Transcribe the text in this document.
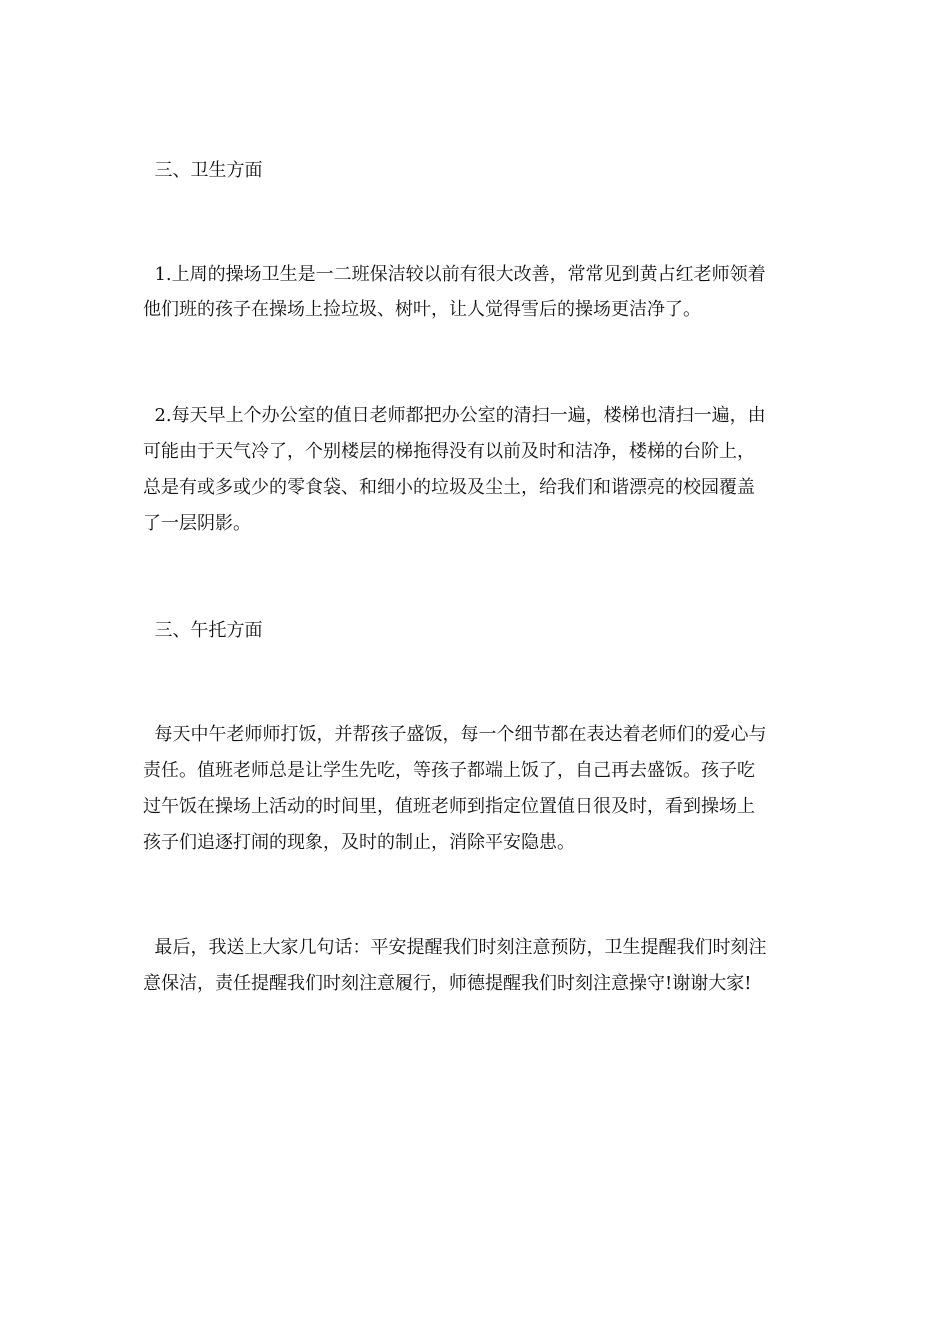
三、卫生方面
1.上周的操场卫生是一二班保洁较以前有很大改善，常常见到黄占红老师领着
他们班的孩子在操场上捡垃圾、树叶，让人觉得雪后的操场更洁净了。
2.每天早上个办公室的值日老师都把办公室的清扫一遍，楼梯也清扫一遍，由
可能由于天气冷了，个别楼层的梯拖得没有以前及时和洁净，楼梯的台阶上，
总是有或多或少的零食袋、和细小的垃圾及尘土，给我们和谐漂亮的校园覆盖
了一层阴影。
三、午托方面
每天中午老师师打饭，并帮孩子盛饭，每一个细节都在表达着老师们的爱心与
责任。值班老师总是让学生先吃，等孩子都端上饭了，自己再去盛饭。孩子吃
过午饭在操场上活动的时间里，值班老师到指定位置值日很及时，看到操场上
孩子们追逐打闹的现象，及时的制止，消除平安隐患。
最后，我送上大家几句话：平安提醒我们时刻注意预防，卫生提醒我们时刻注
意保洁，责任提醒我们时刻注意履行，师德提醒我们时刻注意操守!谢谢大家!
